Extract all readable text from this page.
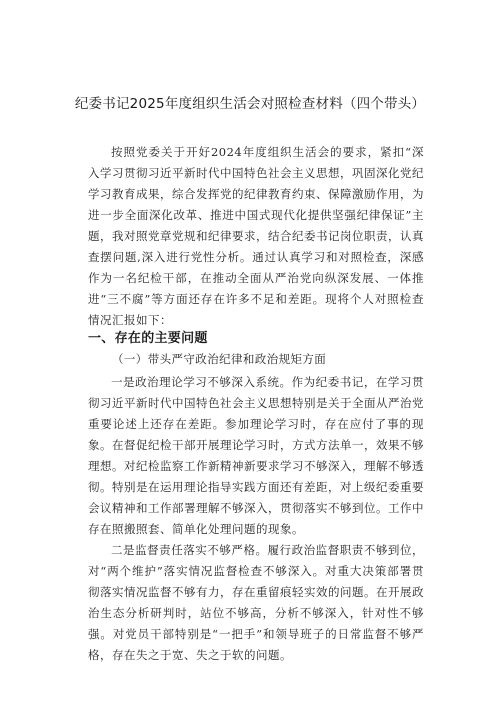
纪委书记2025年度组织生活会对照检查材料（四个带头）

按照党委关于开好2024年度组织生活会的要求，紧扣“深入学习贯彻习近平新时代中国特色社会主义思想，巩固深化党纪学习教育成果，综合发挥党的纪律教育约束、保障激励作用，为进一步全面深化改革、推进中国式现代化提供坚强纪律保证”主题，我对照党章党规和纪律要求，结合纪委书记岗位职责，认真查摆问题,深入进行党性分析。通过认真学习和对照检查，深感作为一名纪检干部，在推动全面从严治党向纵深发展、一体推进“三不腐”等方面还存在许多不足和差距。现将个人对照检查情况汇报如下：

一、存在的主要问题
（一）带头严守政治纪律和政治规矩方面

一是政治理论学习不够深入系统。作为纪委书记，在学习贯彻习近平新时代中国特色社会主义思想特别是关于全面从严治党重要论述上还存在差距。参加理论学习时，存在应付了事的现象。在督促纪检干部开展理论学习时，方式方法单一，效果不够理想。对纪检监察工作新精神新要求学习不够深入，理解不够透彻。特别是在运用理论指导实践方面还有差距，对上级纪委重要会议精神和工作部署理解不够深入，贯彻落实不够到位。工作中存在照搬照套、简单化处理问题的现象。

二是监督责任落实不够严格。履行政治监督职责不够到位，对“两个维护”落实情况监督检查不够深入。对重大决策部署贯彻落实情况监督不够有力，存在重留痕轻实效的问题。在开展政治生态分析研判时，站位不够高，分析不够深入，针对性不够强。对党员干部特别是“一把手”和领导班子的日常监督不够严格，存在失之于宽、失之于软的问题。
